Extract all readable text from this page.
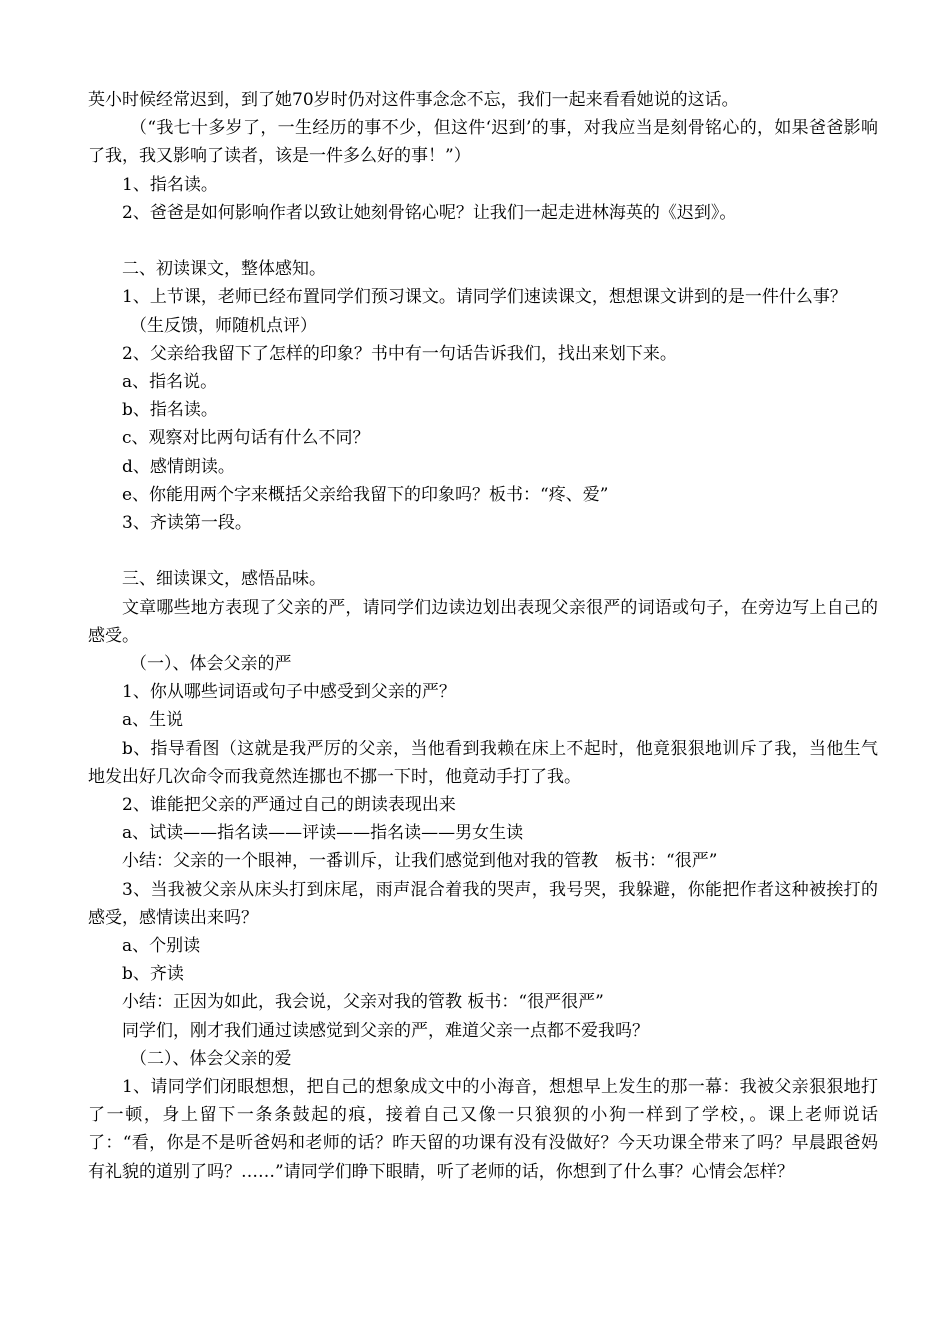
英小时候经常迟到，到了她70岁时仍对这件事念念不忘，我们一起来看看她说的这话。

（“我七十多岁了，一生经历的事不少，但这件‘迟到’的事，对我应当是刻骨铭心的，如果爸爸影响了我，我又影响了读者，该是一件多么好的事！”）

1、指名读。

2、爸爸是如何影响作者以致让她刻骨铭心呢？让我们一起走进林海英的《迟到》。

二、初读课文，整体感知。

1、上节课，老师已经布置同学们预习课文。请同学们速读课文，想想课文讲到的是一件什么事？

（生反馈，师随机点评）

2、父亲给我留下了怎样的印象？书中有一句话告诉我们，找出来划下来。

a、指名说。

b、指名读。

c、观察对比两句话有什么不同？

d、感情朗读。

e、你能用两个字来概括父亲给我留下的印象吗？板书：“疼、爱”

3、齐读第一段。

三、细读课文，感悟品味。

文章哪些地方表现了父亲的严，请同学们边读边划出表现父亲很严的词语或句子，在旁边写上自己的感受。

（一）、体会父亲的严

1、你从哪些词语或句子中感受到父亲的严？

a、生说

b、指导看图（这就是我严厉的父亲，当他看到我赖在床上不起时，他竟狠狠地训斥了我，当他生气地发出好几次命令而我竟然连挪也不挪一下时，他竟动手打了我。

2、谁能把父亲的严通过自己的朗读表现出来

a、试读——指名读——评读——指名读——男女生读

小结：父亲的一个眼神，一番训斥，让我们感觉到他对我的管教　板书：“很严”

3、当我被父亲从床头打到床尾，雨声混合着我的哭声，我号哭，我躲避，你能把作者这种被挨打的感受，感情读出来吗？

a、个别读

b、齐读

小结：正因为如此，我会说，父亲对我的管教 板书：“很严很严”

同学们，刚才我们通过读感觉到父亲的严，难道父亲一点都不爱我吗？

（二）、体会父亲的爱

1、请同学们闭眼想想，把自己的想象成文中的小海音，想想早上发生的那一幕：我被父亲狠狠地打了一顿，身上留下一条条鼓起的痕，接着自己又像一只狼狈的小狗一样到了学校，。课上老师说话了：“看，你是不是听爸妈和老师的话？昨天留的功课有没有没做好？今天功课全带来了吗？早晨跟爸妈有礼貌的道别了吗？……”请同学们睁下眼睛，听了老师的话，你想到了什么事？心情会怎样？
